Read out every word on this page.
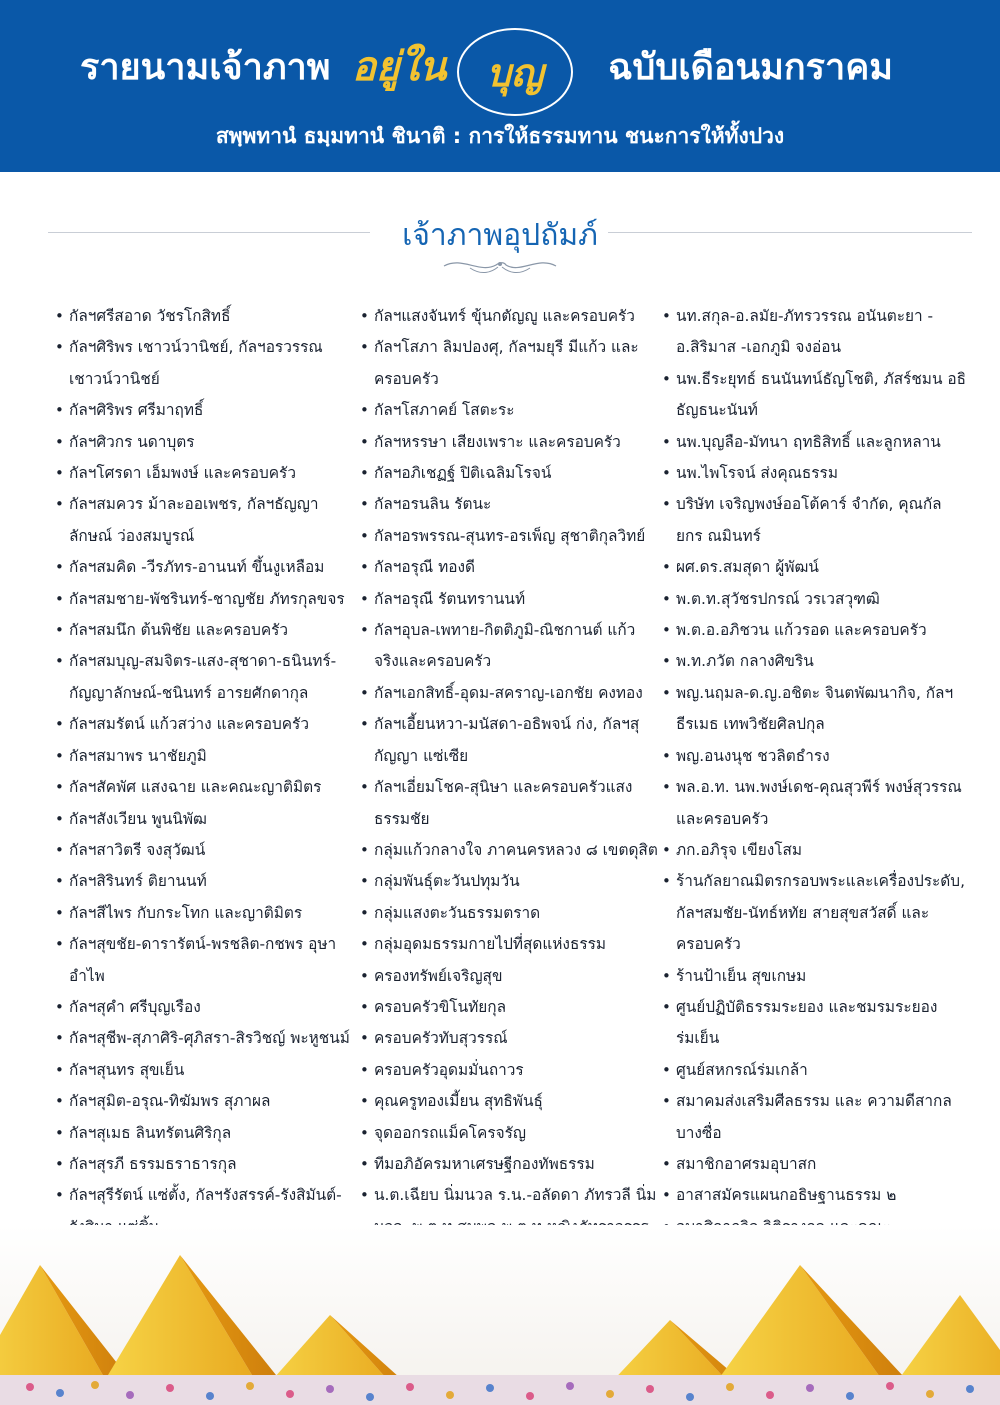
รายนามเจ้าภาพ อยู่ใน บุญ ฉบับเดือนมกราคม
สพฺพทานํ ธมฺมทานํ ชินาติ : การให้ธรรมทาน ชนะการให้ทั้งปวง
เจ้าภาพอุปถัมภ์
• กัลฯศรีสอาด วัชรโกสิทธิ์
• กัลฯศิริพร เชาวน์วานิชย์, กัลฯอรวรรณ เชาวน์วานิชย์
• กัลฯศิริพร ศรีมาฤทธิ์
• กัลฯศิวกร นดาบุตร
• กัลฯโศรดา เอ็มพงษ์ และครอบครัว
• กัลฯสมควร ม้าละออเพชร, กัลฯธัญญาลักษณ์ ว่องสมบูรณ์
• กัลฯสมคิด -วีรภัทร-อานนท์ ขึ้นงูเหลือม
• กัลฯสมชาย-พัชรินทร์-ชาญชัย ภัทรกุลขจร
• กัลฯสมนึก ต้นพิชัย และครอบครัว
• กัลฯสมบุญ-สมจิตร-แสง-สุชาดา-ธนินทร์-กัญญาลักษณ์-ชนินทร์ อารยศักดากุล
• กัลฯสมรัตน์ แก้วสว่าง และครอบครัว
• กัลฯสมาพร นาชัยภูมิ
• กัลฯสัคพัศ แสงฉาย และคณะญาติมิตร
• กัลฯสังเวียน พูนนิพัฒ
• กัลฯสาวิตรี จงสุวัฒน์
• กัลฯสิรินทร์ ติยานนท์
• กัลฯสีไพร กับกระโทก และญาติมิตร
• กัลฯสุขชัย-ดารารัตน์-พรชลิต-กชพร อุษาอำไพ
• กัลฯสุคำ ศรีบุญเรือง
• กัลฯสุชีพ-สุภาศิริ-ศุภิสรา-สิรวิชญ์ พะหูชนม์
• กัลฯสุนทร สุขเย็น
• กัลฯสุมิต-อรุณ-ทิฆัมพร สุภาผล
• กัลฯสุเมธ ลินทรัตนศิริกุล
• กัลฯสุรภี ธรรมธราธารกุล
• กัลฯสุรีรัตน์ แซ่ตั้ง, กัลฯรังสรรค์-รังสิมันต์-
•
• กัลฯแสงจันทร์ ขุ้นกตัญญู และครอบครัว
• กัลฯโสภา ลิมปองศุ, กัลฯมยุรี มีแก้ว และครอบครัว
• กัลฯโสภาคย์ โสตะระ
• กัลฯหรรษา เสียงเพราะ และครอบครัว
• กัลฯอภิเชฏฐ์ ปิติเฉลิมโรจน์
• กัลฯอรนลิน รัตนะ
• กัลฯอรพรรณ-สุนทร-อรเพ็ญ สุชาติกุลวิทย์
• กัลฯอรุณี ทองดี
• กัลฯอรุณี รัตนทรานนท์
• กัลฯอุบล-เพทาย-กิตติภูมิ-ณิชกานต์ แก้วจริงและครอบครัว
• กัลฯเอกสิทธิ์-อุดม-สคราญ-เอกชัย คงทอง
• กัลฯเอี้ยนหวา-มนัสดา-อธิพจน์ ก่ง, กัลฯสุกัญญา แซ่เซีย
• กัลฯเอี่ยมโชค-สุนิษา และครอบครัวแสงธรรมชัย
• กลุ่มแก้วกลางใจ ภาคนครหลวง ๘ เขตดุสิต
• กลุ่มพันธุ์ตะวันปทุมวัน
• กลุ่มแสงตะวันธรรมตราด
• กลุ่มอุดมธรรมกายไปที่สุดแห่งธรรม
• ครองทรัพย์เจริญสุข
• ครอบครัวขิโนทัยกุล
• ครอบครัวทับสุวรรณ์
• ครอบครัวอุดมมั่นถาวร
• คุณครูทองเมี้ยน สุทธิพันธุ์
• จุดออกรถแม็คโครจรัญ
• ทีมอภิอัครมหาเศรษฐีกองทัพธรรม
• น.ต.เฉียบ นิ่มนวล ร.น.-อลัดดา ภัทรวลี นิ่ม
• นท.สกุล-อ.ลมัย-ภัทรวรรณ อนันตะยา - อ.สิริมาส -เอกภูมิ จงอ่อน
• นพ.ธีระยุทธ์ ธนนันทน์ธัญโชติ, ภัสร์ชมน อธิธัญธนะนันท์
• นพ.บุญลือ-มัทนา ฤทธิสิทธิ์ และลูกหลาน
• นพ.ไพโรจน์ ส่งคุณธรรม
• บริษัท เจริญพงษ์ออโต้คาร์ จำกัด, คุณกัลยกร ณมินทร์
• ผศ.ดร.สมสุดา ผู้พัฒน์
• พ.ต.ท.สุวัชรปกรณ์ วรเวสวุฑฒิ
• พ.ต.อ.อภิชวน แก้วรอด และครอบครัว
• พ.ท.ภวัต กลางศิขริน
• พญ.นฤมล-ด.ญ.อชิตะ จินตพัฒนากิจ, กัลฯธีรเมธ เทพวิชัยศิลปกุล
• พญ.อนงนุช ชวลิตธำรง
• พล.อ.ท. นพ.พงษ์เดช-คุณสุวพีร์ พงษ์สุวรรณและครอบครัว
• ภก.อภิรุจ เขียงโสม
• ร้านกัลยาณมิตรกรอบพระและเครื่องประดับ, กัลฯสมชัย-นัทธ์หทัย สายสุขสวัสดิ์ และครอบครัว
• ร้านป้าเย็น สุขเกษม
• ศูนย์ปฏิบัติธรรมระยอง และชมรมระยองร่มเย็น
• ศูนย์สหกรณ์ร่มเกล้า
• สมาคมส่งเสริมศีลธรรม และ ความดีสากลบางซื่อ
• สมาชิกอาศรมอุบาสก
• อาสาสมัครแผนกอธิษฐานธรรม ๒
•
•
